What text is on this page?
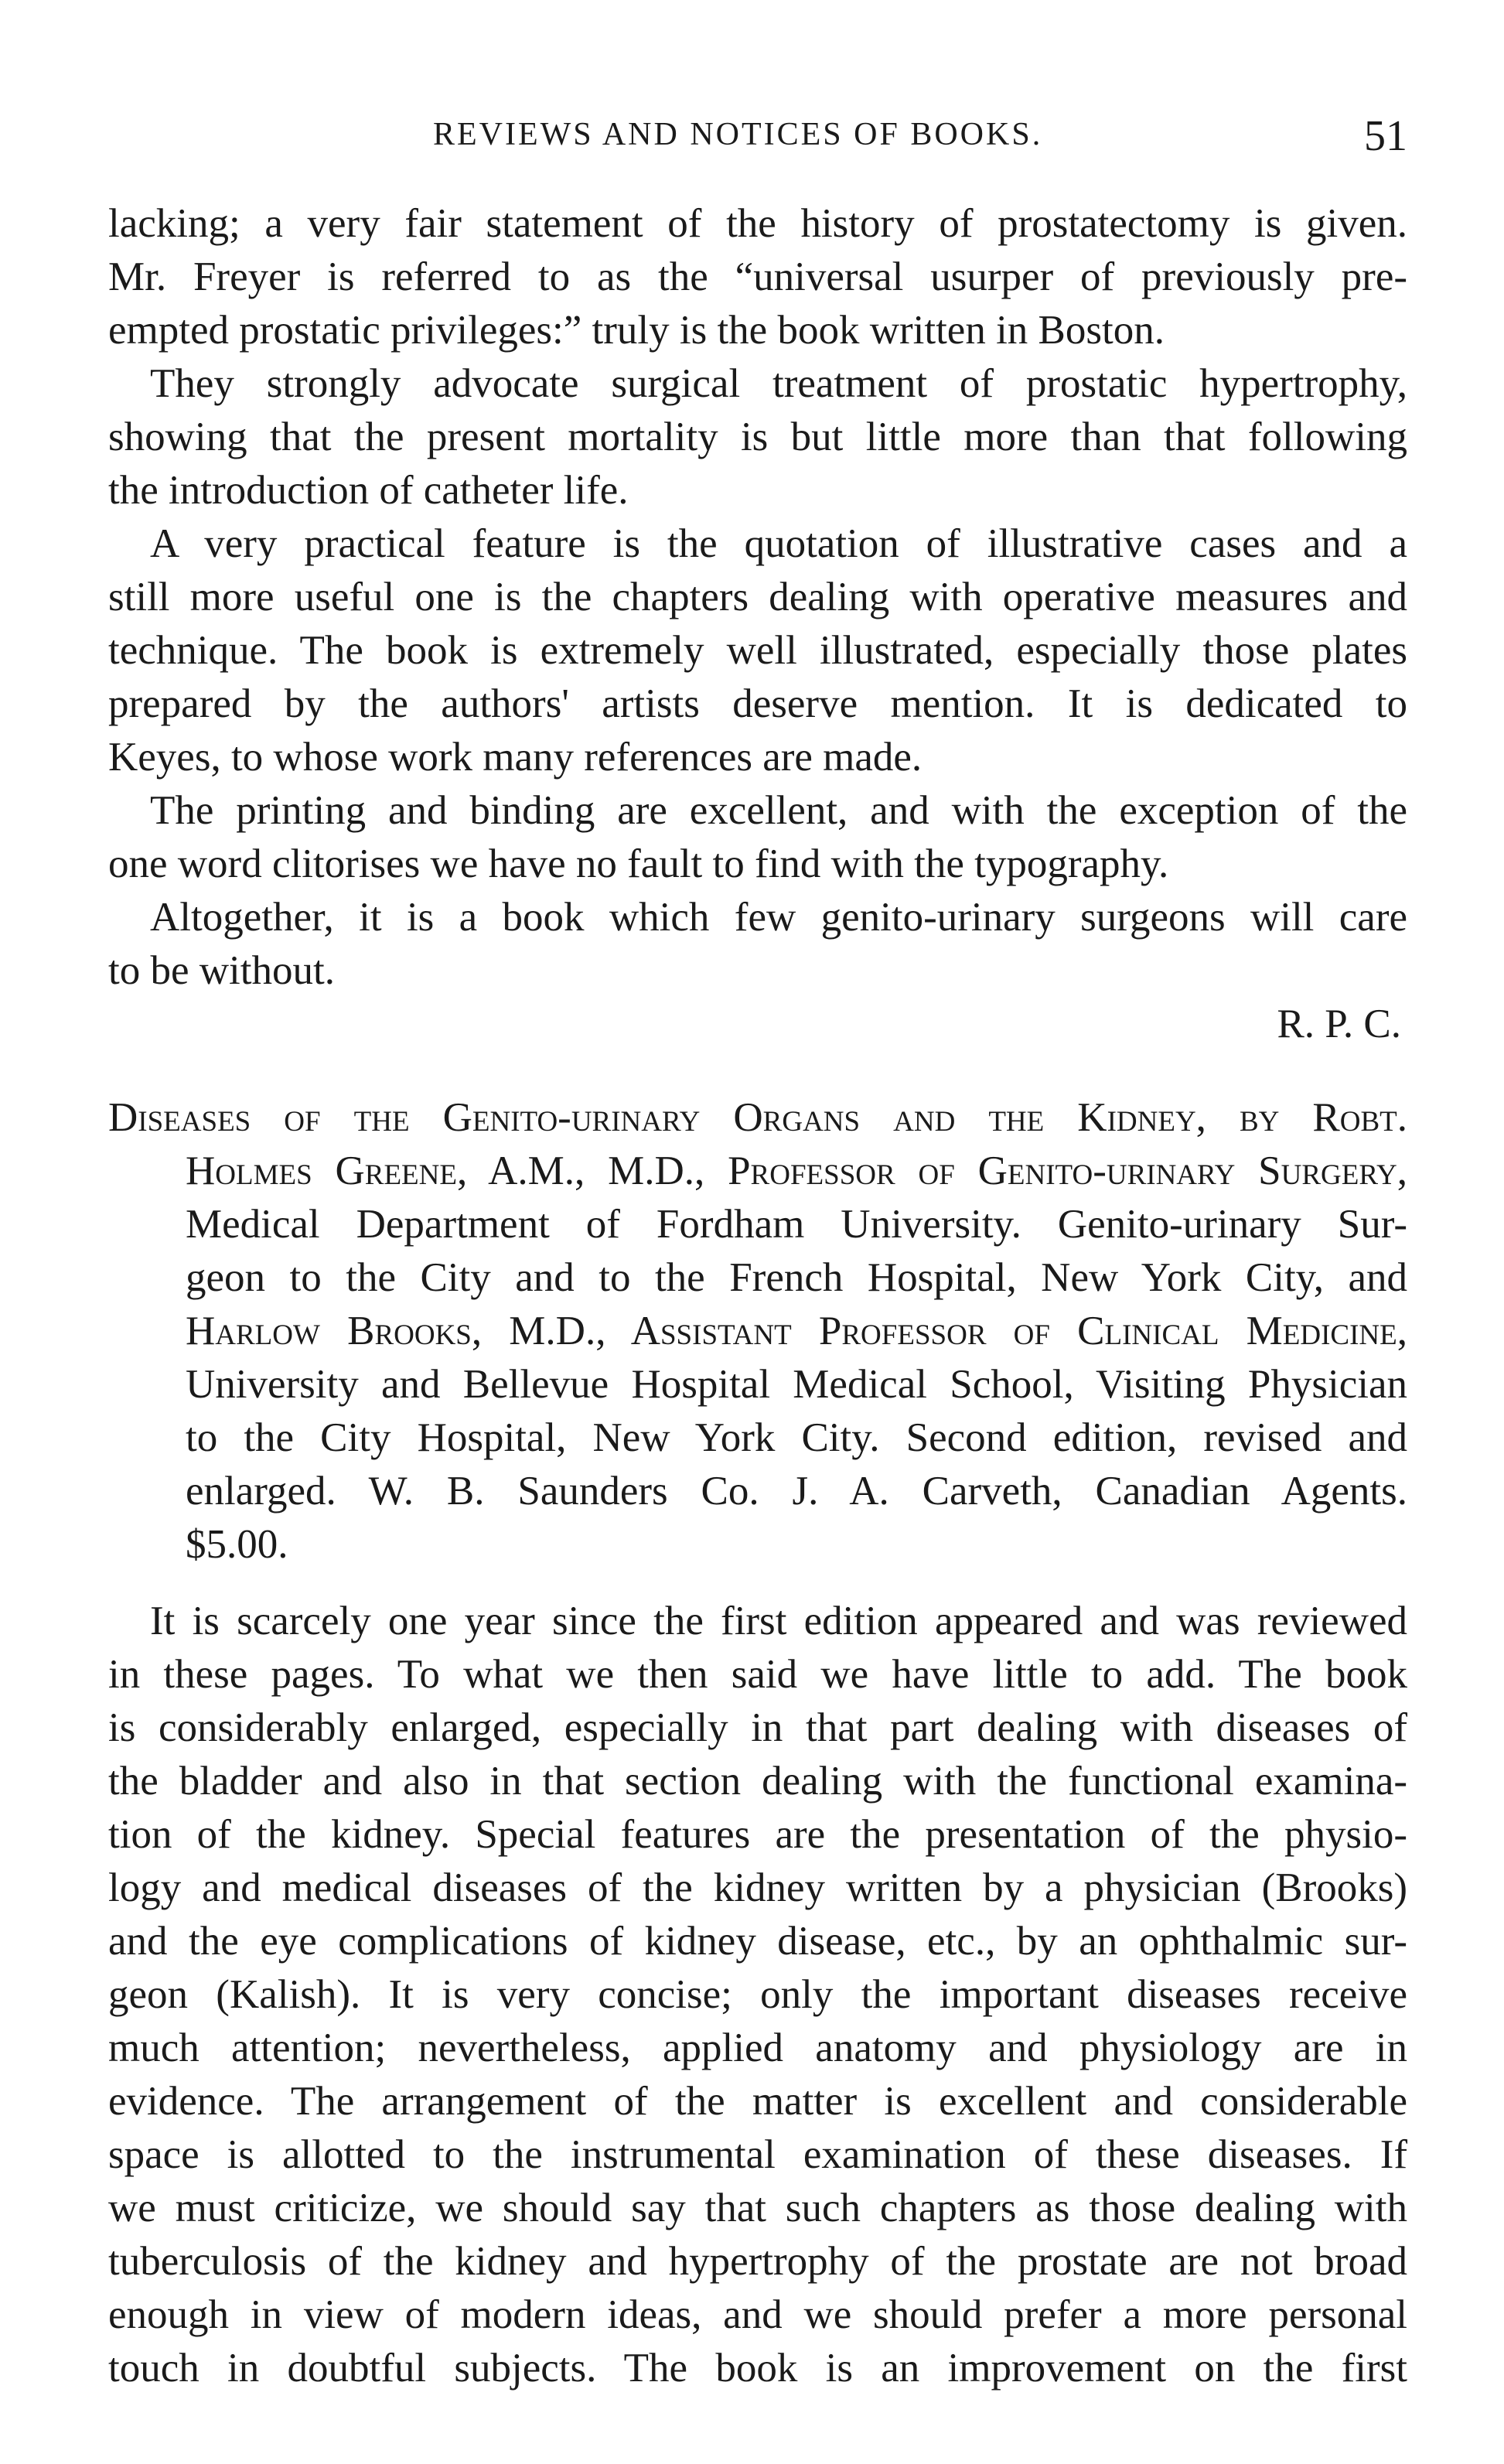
REVIEWS AND NOTICES OF BOOKS.	51
lacking; a very fair statement of the history of prostatectomy is given.
Mr. Freyer is referred to as the “universal usurper of previously pre-
empted prostatic privileges:” truly is the book written in Boston.
They strongly advocate surgical treatment of prostatic hypertrophy,
showing that the present mortality is but little more than that following
the introduction of catheter life.
A very practical feature is the quotation of illustrative cases and a
still more useful one is the chapters dealing with operative measures and
technique. The book is extremely well illustrated, especially those plates
prepared by the authors' artists deserve mention. It is dedicated to
Keyes, to whose work many references are made.
The printing and binding are excellent, and with the exception of the
one word clitorises we have no fault to find with the typography.
Altogether, it is a book which few genito-urinary surgeons will care
to be without.
R. P. C.
Diseases of the Genito-urinary Organs and the Kidney, by Robt.
Holmes Greene, A.M., M.D., Professor of Genito-urinary Surgery,
Medical Department of Fordham University. Genito-urinary Sur-
geon to the City and to the French Hospital, New York City, and
Harlow Brooks, M.D., Assistant Professor of Clinical Medicine,
University and Bellevue Hospital Medical School, Visiting Physician
to the City Hospital, New York City. Second edition, revised and
enlarged. W. B. Saunders Co. J. A. Carveth, Canadian Agents.
$5.00.
It is scarcely one year since the first edition appeared and was reviewed
in these pages. To what we then said we have little to add. The book
is considerably enlarged, especially in that part dealing with diseases of
the bladder and also in that section dealing with the functional examina-
tion of the kidney. Special features are the presentation of the physio-
logy and medical diseases of the kidney written by a physician (Brooks)
and the eye complications of kidney disease, etc., by an ophthalmic sur-
geon (Kalish). It is very concise; only the important diseases receive
much attention; nevertheless, applied anatomy and physiology are in
evidence. The arrangement of the matter is excellent and considerable
space is allotted to the instrumental examination of these diseases. If
we must criticize, we should say that such chapters as those dealing with
tuberculosis of the kidney and hypertrophy of the prostate are not broad
enough in view of modern ideas, and we should prefer a more personal
touch in doubtful subjects. The book is an improvement on the first
